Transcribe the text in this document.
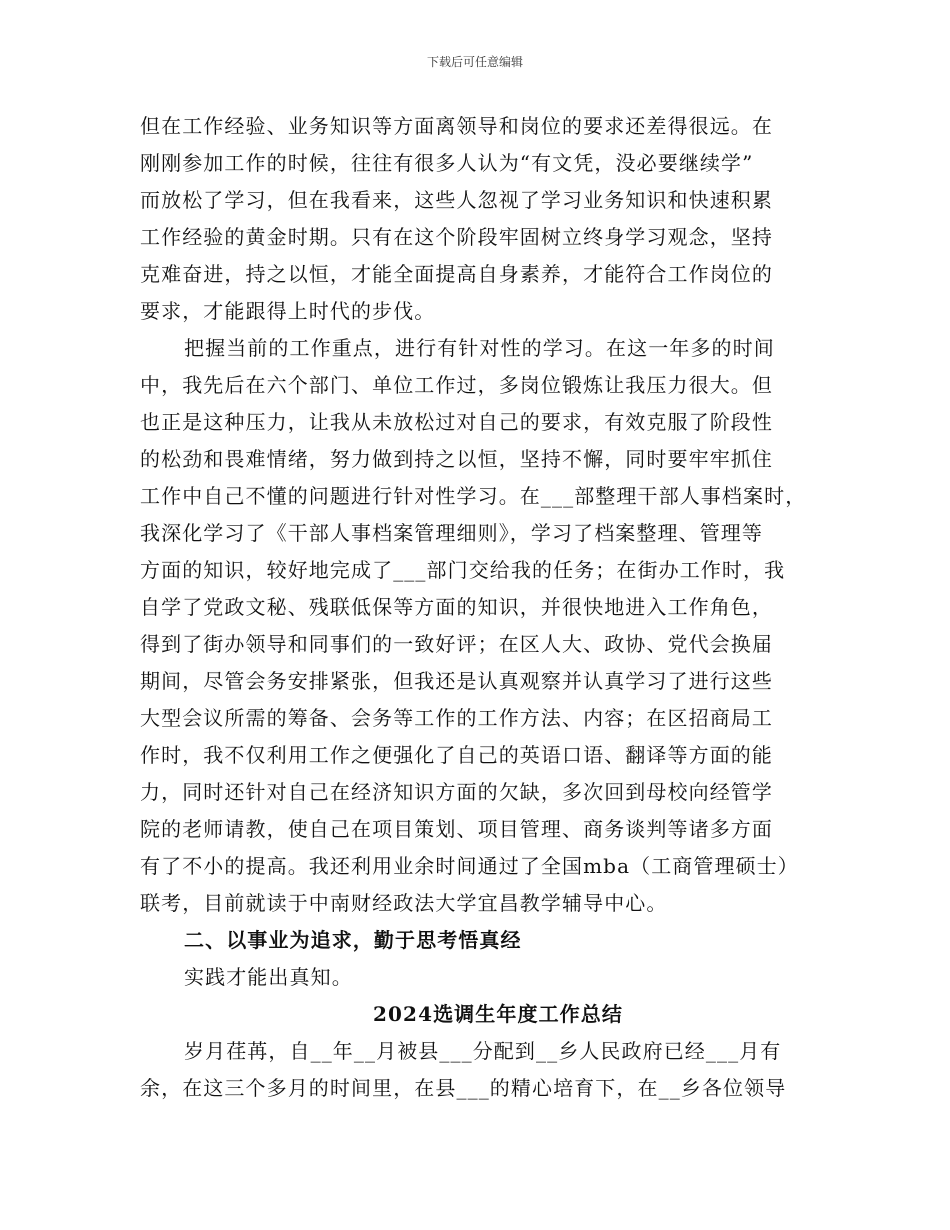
下载后可任意编辑

但在工作经验、业务知识等方面离领导和岗位的要求还差得很远。在
刚刚参加工作的时候，往往有很多人认为“有文凭，没必要继续学”
而放松了学习，但在我看来，这些人忽视了学习业务知识和快速积累
工作经验的黄金时期。只有在这个阶段牢固树立终身学习观念，坚持
克难奋进，持之以恒，才能全面提高自身素养，才能符合工作岗位的
要求，才能跟得上时代的步伐。

把握当前的工作重点，进行有针对性的学习。在这一年多的时间
中，我先后在六个部门、单位工作过，多岗位锻炼让我压力很大。但
也正是这种压力，让我从未放松过对自己的要求，有效克服了阶段性
的松劲和畏难情绪，努力做到持之以恒，坚持不懈，同时要牢牢抓住
工作中自己不懂的问题进行针对性学习。在___部整理干部人事档案时，
我深化学习了《干部人事档案管理细则》，学习了档案整理、管理等
方面的知识，较好地完成了___部门交给我的任务；在街办工作时，我
自学了党政文秘、残联低保等方面的知识，并很快地进入工作角色，
得到了街办领导和同事们的一致好评；在区人大、政协、党代会换届
期间，尽管会务安排紧张，但我还是认真观察并认真学习了进行这些
大型会议所需的筹备、会务等工作的工作方法、内容；在区招商局工
作时，我不仅利用工作之便强化了自己的英语口语、翻译等方面的能
力，同时还针对自己在经济知识方面的欠缺，多次回到母校向经管学
院的老师请教，使自己在项目策划、项目管理、商务谈判等诸多方面
有了不小的提高。我还利用业余时间通过了全国mba（工商管理硕士）
联考，目前就读于中南财经政法大学宜昌教学辅导中心。

二、以事业为追求，勤于思考悟真经

实践才能出真知。

2024选调生年度工作总结

岁月荏苒，自__年__月被县___分配到__乡人民政府已经___月有
余，在这三个多月的时间里，在县___的精心培育下，在__乡各位领导
